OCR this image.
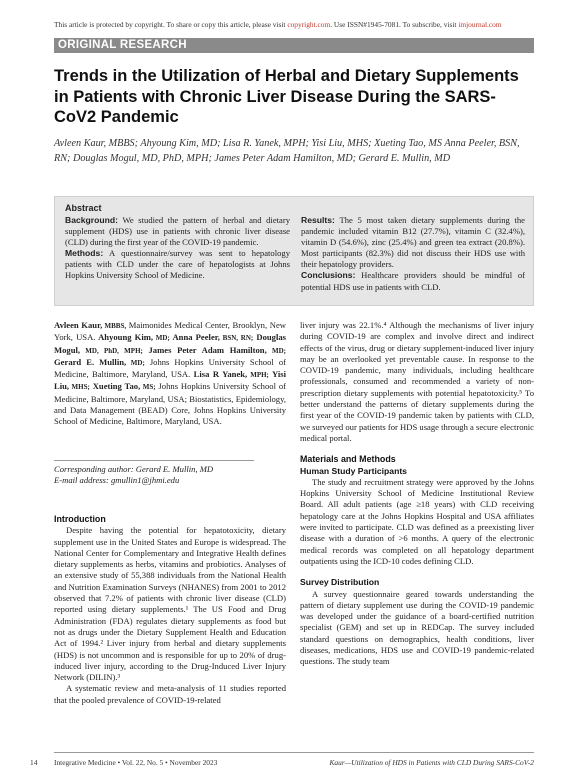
This article is protected by copyright. To share or copy this article, please visit copyright.com. Use ISSN#1945-7081. To subscribe, visit imjournal.com
ORIGINAL RESEARCH
Trends in the Utilization of Herbal and Dietary Supplements in Patients with Chronic Liver Disease During the SARS-CoV2 Pandemic
Avleen Kaur, MBBS; Ahyoung Kim, MD; Lisa R. Yanek, MPH; Yisi Liu, MHS; Xueting Tao, MS Anna Peeler, BSN, RN; Douglas Mogul, MD, PhD, MPH; James Peter Adam Hamilton, MD; Gerard E. Mullin, MD
Abstract
Background: We studied the pattern of herbal and dietary supplement (HDS) use in patients with chronic liver disease (CLD) during the first year of the COVID-19 pandemic.
Methods: A questionnaire/survey was sent to hepatology patients with CLD under the care of hepatologists at Johns Hopkins University School of Medicine.
Results: The 5 most taken dietary supplements during the pandemic included vitamin B12 (27.7%), vitamin C (32.4%), vitamin D (54.6%), zinc (25.4%) and green tea extract (20.8%). Most participants (82.3%) did not discuss their HDS use with their hepatology providers.
Conclusions: Healthcare providers should be mindful of potential HDS use in patients with CLD.

Avleen Kaur, MBBS, Maimonides Medical Center, Brooklyn, New York, USA. Ahyoung Kim, MD; Anna Peeler, BSN, RN; Douglas Mogul, MD, PhD, MPH; James Peter Adam Hamilton, MD; Gerard E. Mullin, MD; Johns Hopkins University School of Medicine, Baltimore, Maryland, USA. Lisa R Yanek, MPH; Yisi Liu, MHS; Xueting Tao, MS; Johns Hopkins University School of Medicine, Baltimore, Maryland, USA; Biostatistics, Epidemiology, and Data Management (BEAD) Core, Johns Hopkins University School of Medicine, Baltimore, Maryland, USA.

Corresponding author: Gerard E. Mullin, MD

E-mail address: gmullin1@jhmi.edu

Introduction

Despite having the potential for hepatotoxicity, dietary supplement use in the United States and Europe is widespread. The National Center for Complementary and Integrative Health defines dietary supplements as herbs, vitamins and probiotics. Analyses of an extensive study of 55,388 individuals from the National Health and Nutrition Examination Surveys (NHANES) from 2001 to 2012 observed that 7.2% of patients with chronic liver disease (CLD) reported using dietary supplements.¹ The US Food and Drug Administration (FDA) regulates dietary supplements as food but not as drugs under the Dietary Supplement Health and Education Act of 1994.² Liver injury from herbal and dietary supplements (HDS) is not uncommon and is responsible for up to 20% of drug-induced liver injury, according to the Drug-Induced Liver Injury Network (DILIN).³

A systematic review and meta-analysis of 11 studies reported that the pooled prevalence of COVID-19-related

liver injury was 22.1%.⁴ Although the mechanisms of liver injury during COVID-19 are complex and involve direct and indirect effects of the virus, drug or dietary supplement-induced liver injury may be an overlooked yet preventable cause. In response to the COVID-19 pandemic, many individuals, including healthcare professionals, consumed and recommended a variety of non-prescription dietary supplements with potential hepatotoxicity.⁵ To better understand the patterns of dietary supplements during the first year of the COVID-19 pandemic taken by patients with CLD, we surveyed our patients for HDS usage through a secure electronic medical portal.

Materials and Methods

Human Study Participants

The study and recruitment strategy were approved by the Johns Hopkins University School of Medicine Institutional Review Board. All adult patients (age ≥18 years) with CLD receiving hepatology care at the Johns Hopkins Hospital and USA affiliates were invited to participate. CLD was defined as a preexisting liver disease with a duration of >6 months. A query of the electronic medical records was completed on all hepatology department outpatients using the ICD-10 codes defining CLD.

Survey Distribution

A survey questionnaire geared towards understanding the pattern of dietary supplement use during the COVID-19 pandemic was developed under the guidance of a board-certified nutrition specialist (GEM) and set up in REDCap. The survey included standard questions on demographics, health conditions, liver diseases, medications, HDS use and COVID-19 pandemic-related questions. The study team

14 Integrative Medicine • Vol. 22, No. 5 • November 2023	Kaur—Utilization of HDS in Patients with CLD During SARS-CoV-2
